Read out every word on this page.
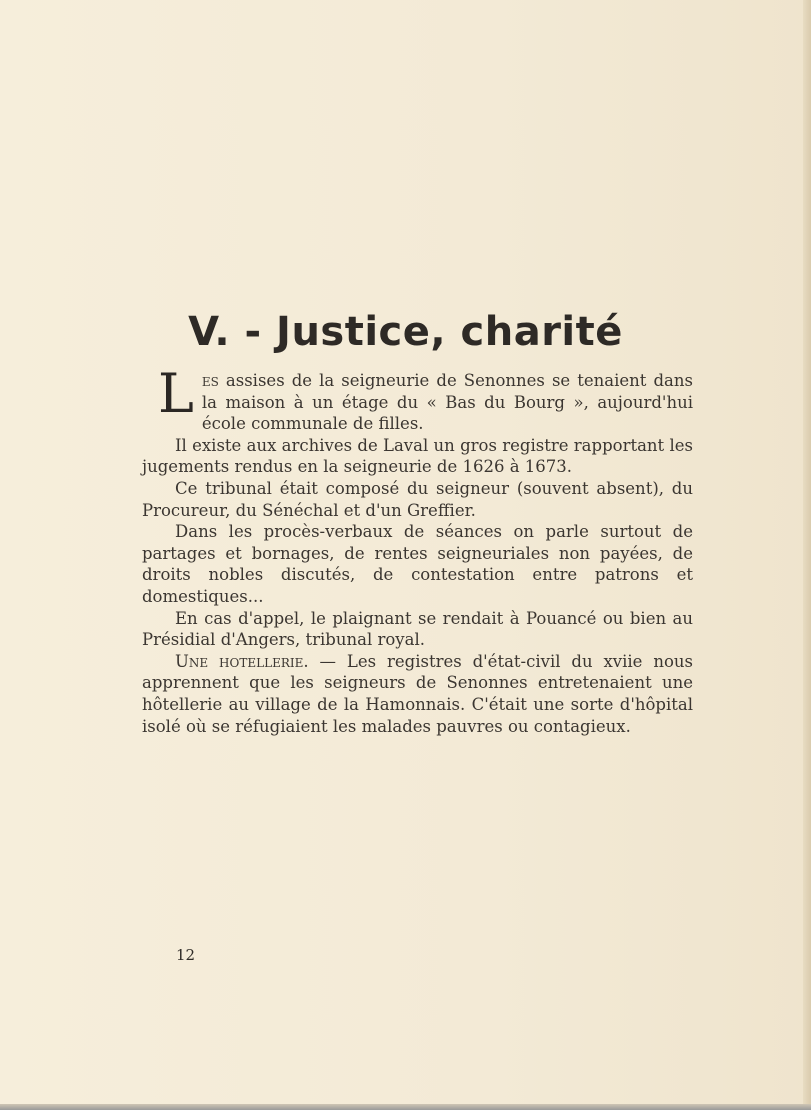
V. - Justice, charité

Les assises de la seigneurie de Senonnes se tenaient dans la maison à un étage du « Bas du Bourg », aujourd'hui école communale de filles.

Il existe aux archives de Laval un gros registre rapportant les jugements rendus en la seigneurie de 1626 à 1673.

Ce tribunal était composé du seigneur (souvent absent), du Procureur, du Sénéchal et d'un Greffier.

Dans les procès-verbaux de séances on parle surtout de partages et bornages, de rentes seigneuriales non payées, de droits nobles discutés, de contestation entre patrons et domestiques...

En cas d'appel, le plaignant se rendait à Pouancé ou bien au Présidial d'Angers, tribunal royal.

Une hotellerie. — Les registres d'état-civil du xviie nous apprennent que les seigneurs de Senonnes entretenaient une hôtellerie au village de la Hamonnais. C'était une sorte d'hôpital isolé où se réfugiaient les malades pauvres ou contagieux.

12
